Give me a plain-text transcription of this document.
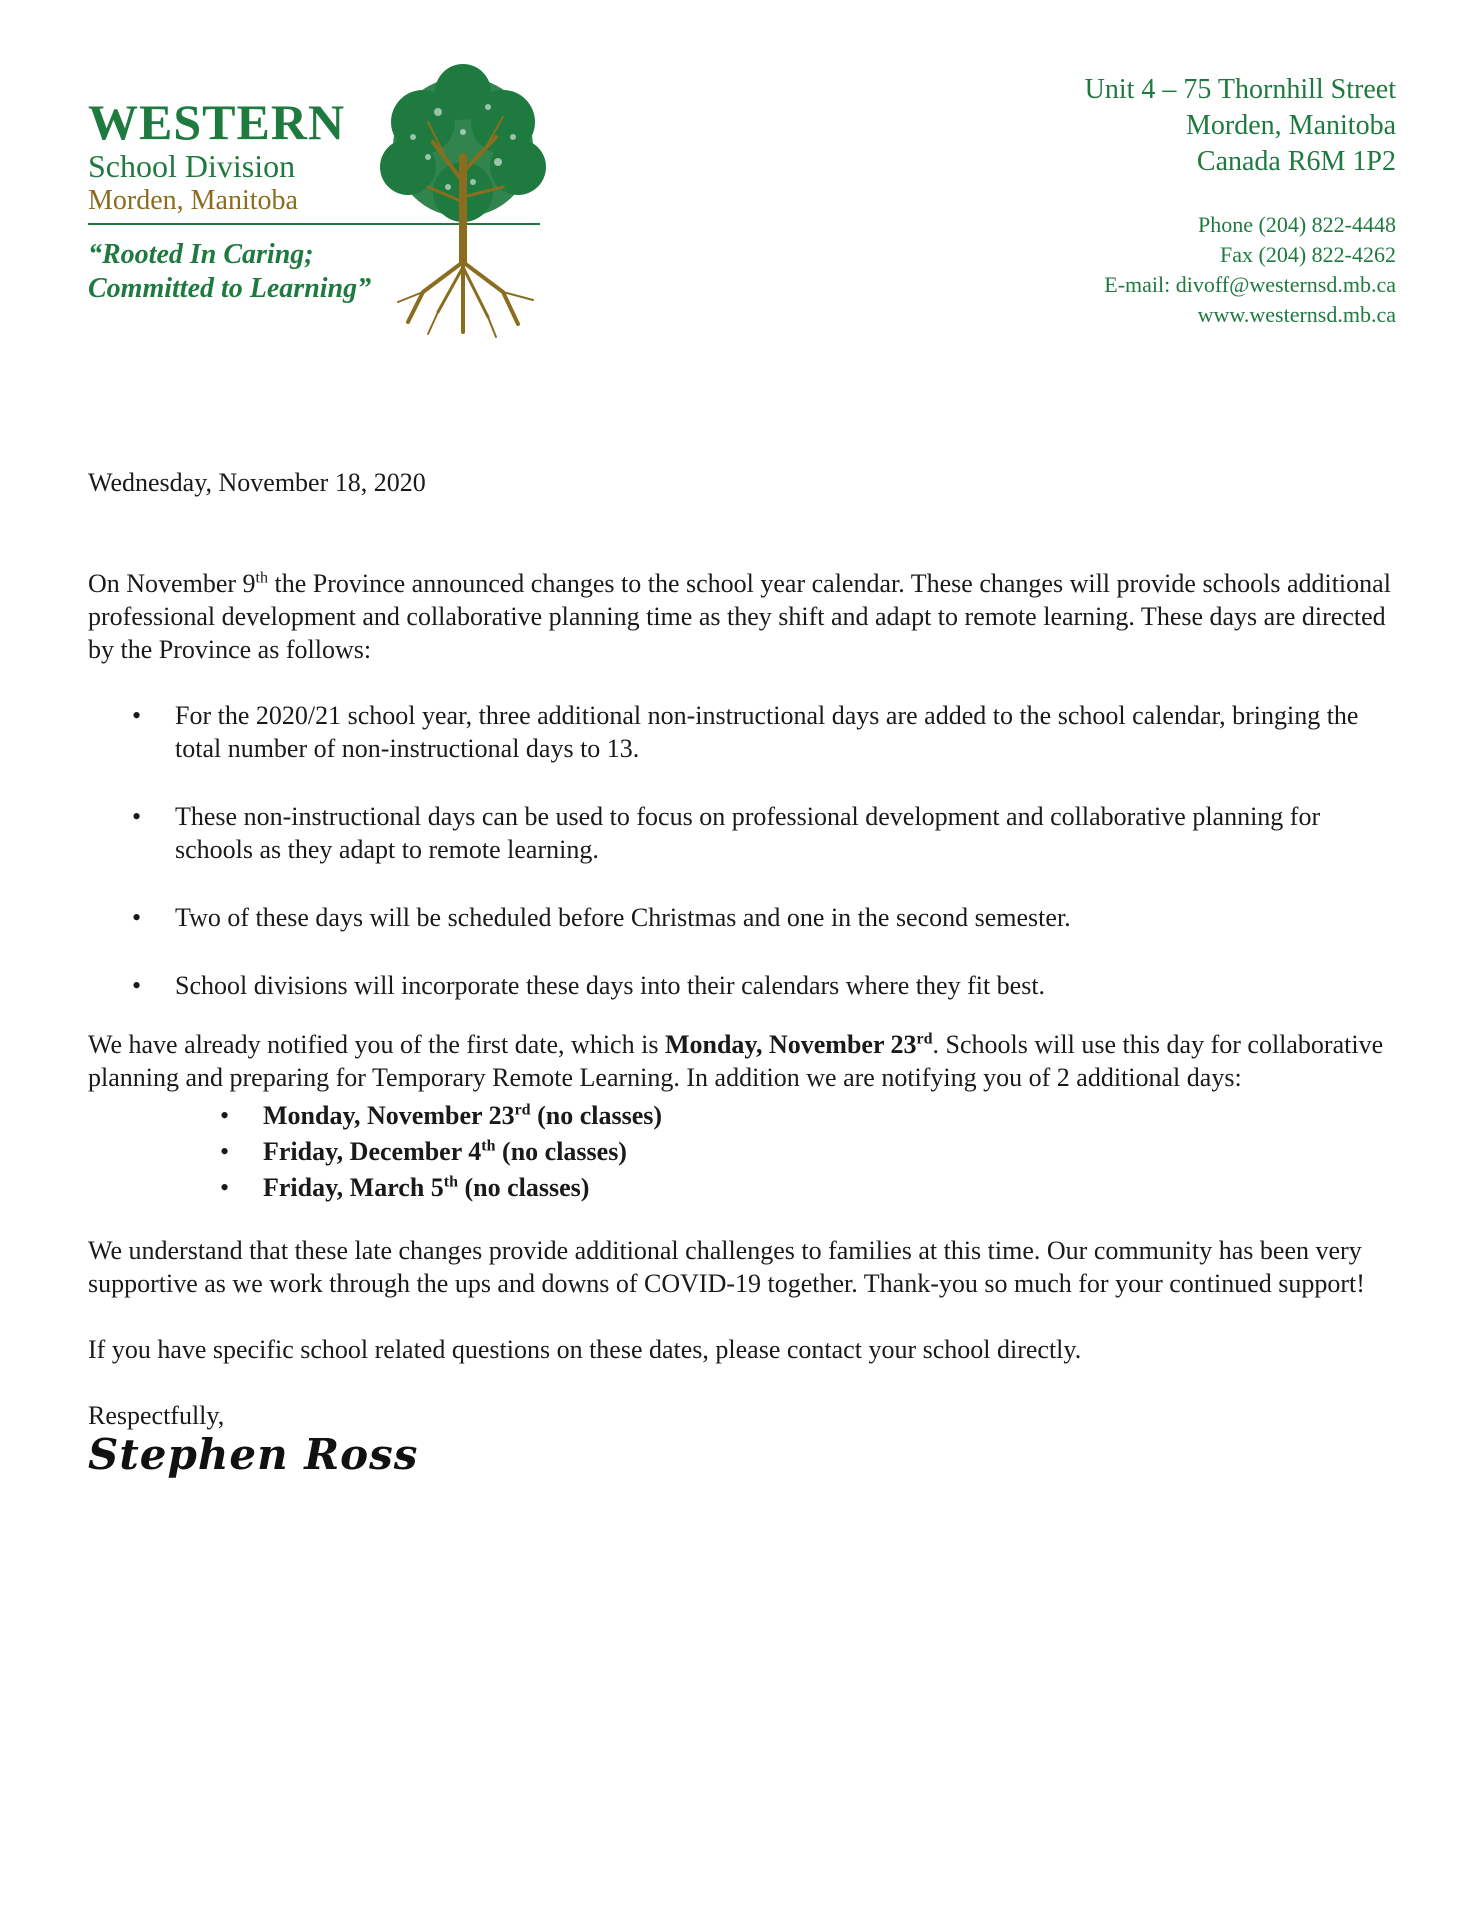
WESTERN
School Division
Morden, Manitoba
“Rooted In Caring;
Committed to Learning”
Unit 4 – 75 Thornhill Street
Morden, Manitoba
Canada R6M 1P2
Phone (204) 822-4448
Fax (204) 822-4262
E-mail: divoff@westernsd.mb.ca
www.westernsd.mb.ca

Wednesday, November 18, 2020

On November 9th the Province announced changes to the school year calendar. These changes will provide schools additional professional development and collaborative planning time as they shift and adapt to remote learning. These days are directed by the Province as follows:

• For the 2020/21 school year, three additional non-instructional days are added to the school calendar, bringing the total number of non-instructional days to 13.
• These non-instructional days can be used to focus on professional development and collaborative planning for schools as they adapt to remote learning.
• Two of these days will be scheduled before Christmas and one in the second semester.
• School divisions will incorporate these days into their calendars where they fit best.

We have already notified you of the first date, which is Monday, November 23rd. Schools will use this day for collaborative planning and preparing for Temporary Remote Learning. In addition we are notifying you of 2 additional days:

• Monday, November 23rd (no classes)
• Friday, December 4th (no classes)
• Friday, March 5th (no classes)

We understand that these late changes provide additional challenges to families at this time. Our community has been very supportive as we work through the ups and downs of COVID-19 together. Thank-you so much for your continued support!

If you have specific school related questions on these dates, please contact your school directly.

Respectfully,

Stephen Ross
